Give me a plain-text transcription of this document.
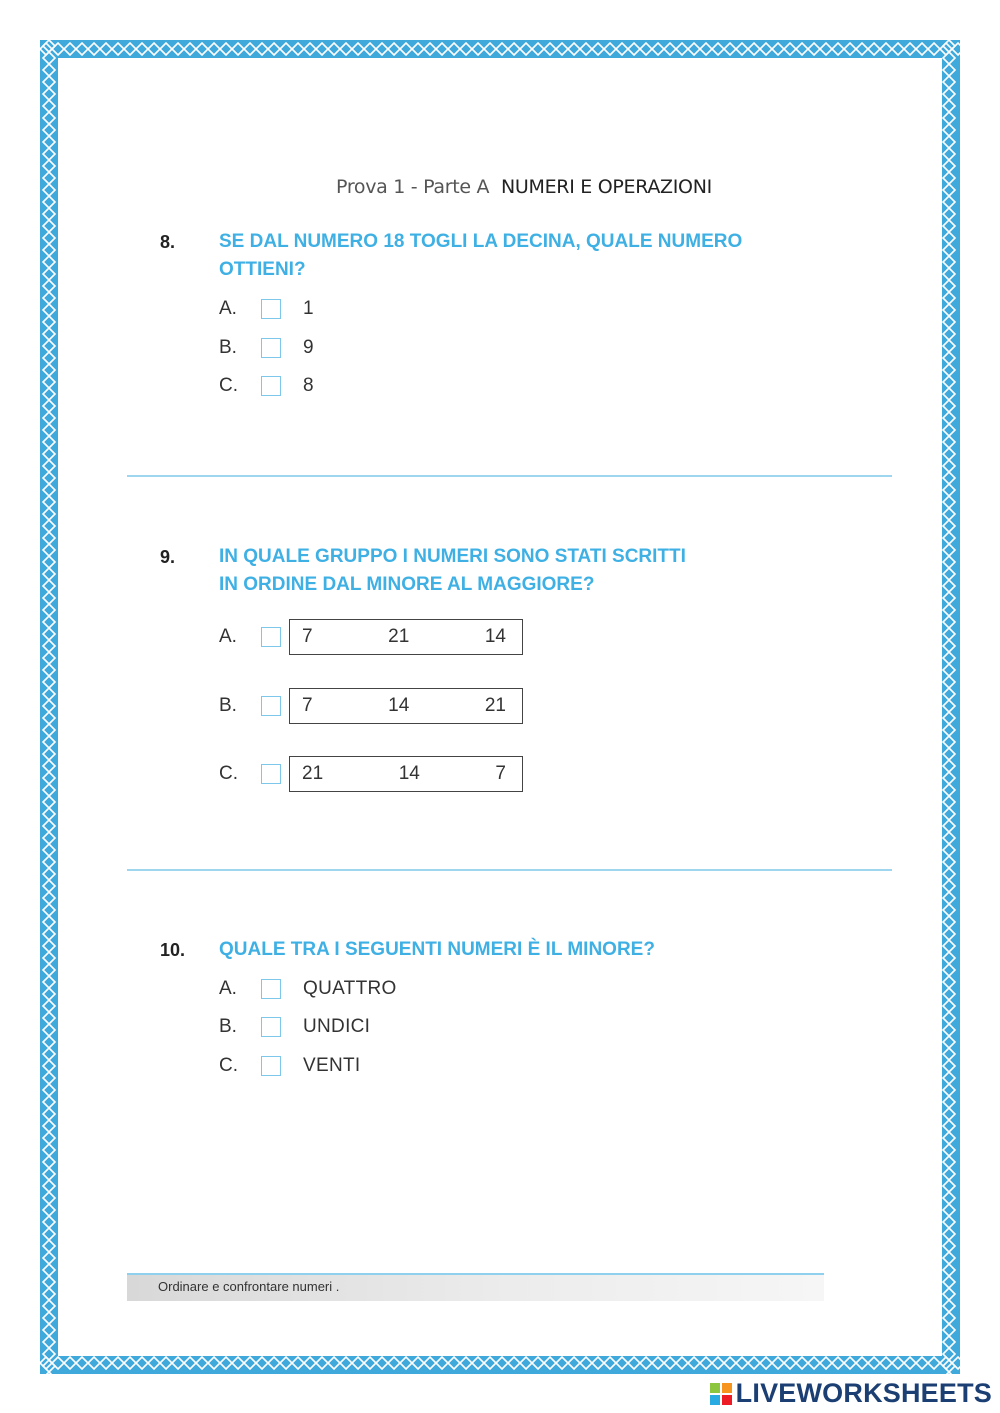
Prova 1 - Parte A NUMERI E OPERAZIONI
8. SE DAL NUMERO 18 TOGLI LA DECINA, QUALE NUMERO
OTTIENI?
A.	1
B.	9
C.	8
9. IN QUALE GRUPPO I NUMERI SONO STATI SCRITTI
IN ORDINE DAL MINORE AL MAGGIORE?
A.	7	21	14
B.	7	14	21
C.	21	14	7
10. QUALE TRA I SEGUENTI NUMERI È IL MINORE?
A.	QUATTRO
B.	UNDICI
C.	VENTI
Ordinare e confrontare numeri .
LIVEWORKSHEETS
